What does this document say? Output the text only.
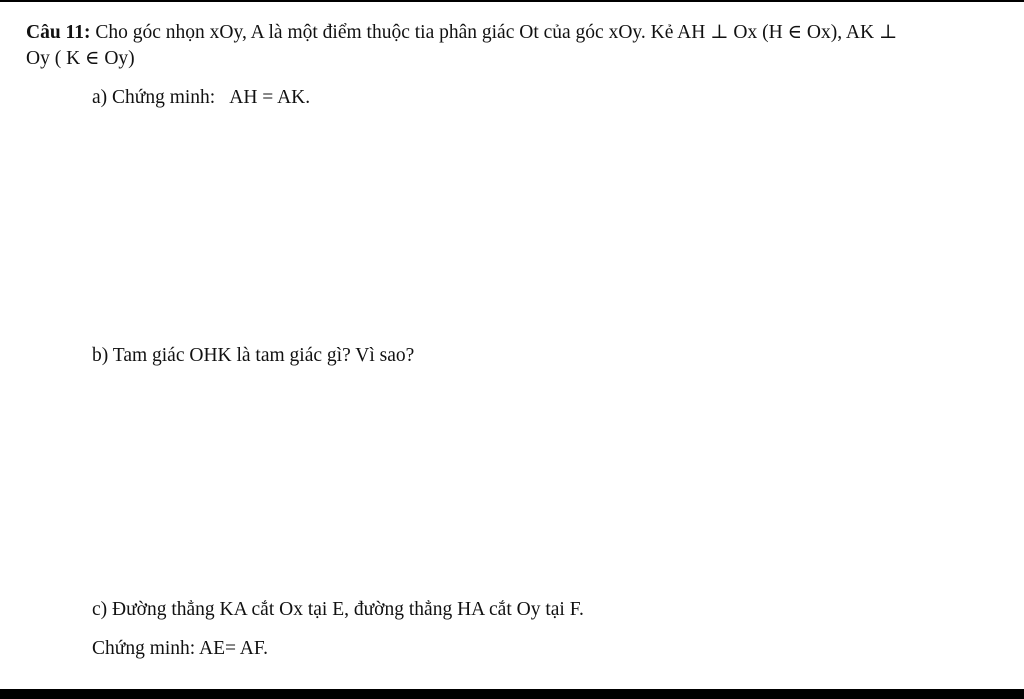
Câu 11: Cho góc nhọn xOy, A là một điểm thuộc tia phân giác Ot của góc xOy. Kẻ AH ⊥ Ox (H ∈ Ox), AK ⊥
Oy ( K ∈ Oy)
a) Chứng minh: AH = AK.
b) Tam giác OHK là tam giác gì? Vì sao?
c) Đường thẳng KA cắt Ox tại E, đường thẳng HA cắt Oy tại F.
Chứng minh: AE= AF.
